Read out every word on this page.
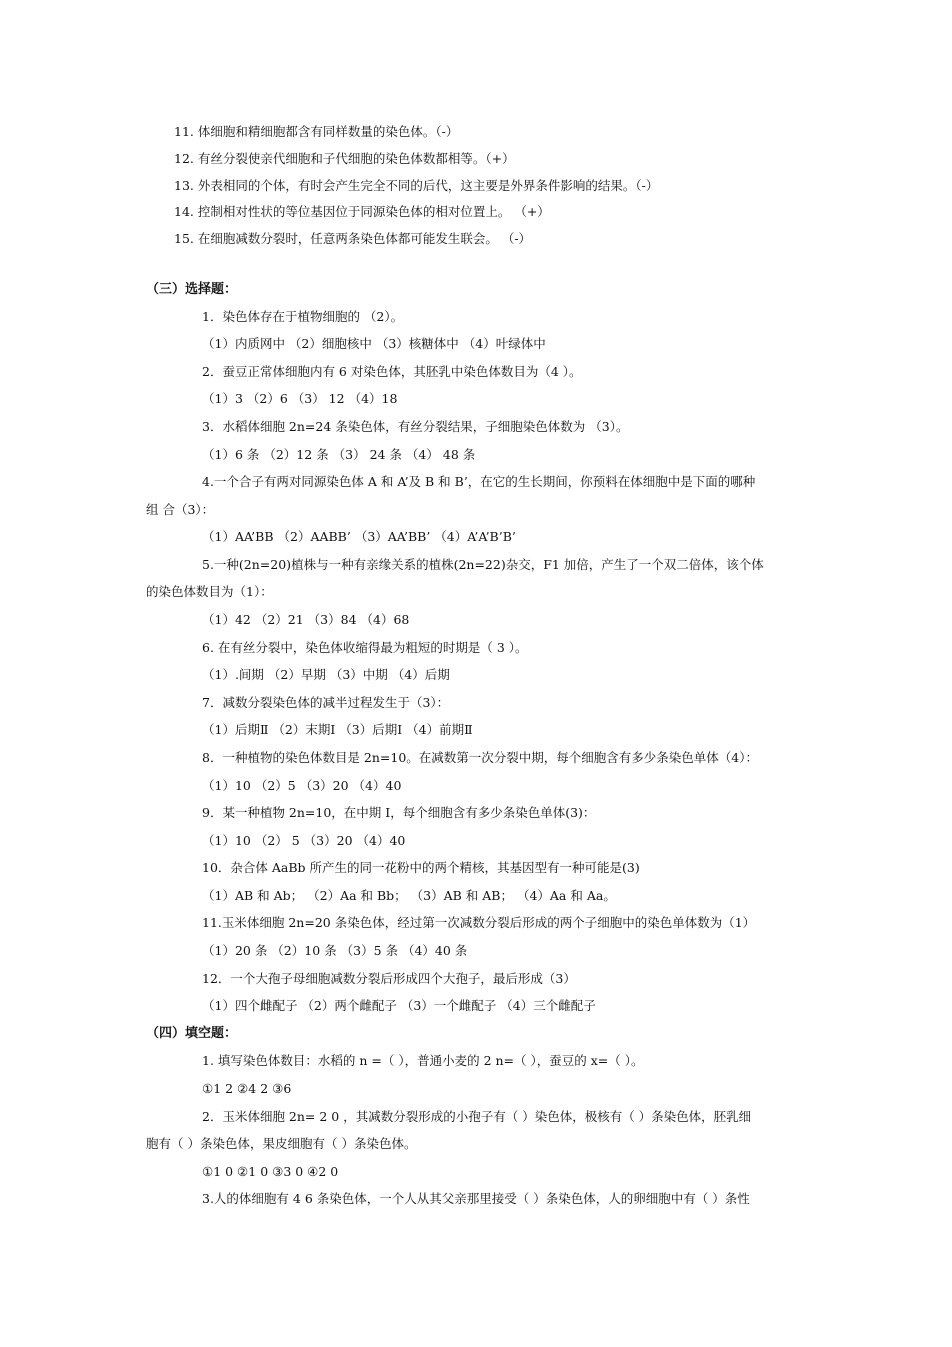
11. 体细胞和精细胞都含有同样数量的染色体。（-）
12. 有丝分裂使亲代细胞和子代细胞的染色体数都相等。（+）
13. 外表相同的个体，有时会产生完全不同的后代，这主要是外界条件影响的结果。（-）
14. 控制相对性状的等位基因位于同源染色体的相对位置上。 （+）
15. 在细胞减数分裂时，任意两条染色体都可能发生联会。 （-）
（三）选择题：
1．染色体存在于植物细胞的 （2）。
（1）内质网中 （2）细胞核中 （3）核糖体中 （4）叶绿体中
2．蚕豆正常体细胞内有 6 对染色体，其胚乳中染色体数目为（4 ）。
（1）3 （2）6 （3） 12 （4）18
3．水稻体细胞 2n=24 条染色体，有丝分裂结果，子细胞染色体数为 （3）。
（1）6 条 （2）12 条 （3） 24 条 （4） 48 条
4.一个合子有两对同源染色体 A 和 A’及 B 和 B’，在它的生长期间，你预料在体细胞中是下面的哪种
组 合（3）：
（1）AA’BB （2）AABB’ （3）AA’BB’ （4）A’A’B’B’
5.一种(2n=20)植株与一种有亲缘关系的植株(2n=22)杂交，F1 加倍，产生了一个双二倍体，该个体
的染色体数目为（1）：
（1）42 （2）21 （3）84 （4）68
6. 在有丝分裂中，染色体收缩得最为粗短的时期是（ 3 ）。
（1）.间期 （2）早期 （3）中期 （4）后期
7．减数分裂染色体的减半过程发生于（3）：
（1）后期Ⅱ （2）末期Ⅰ （3）后期Ⅰ （4）前期Ⅱ
8．一种植物的染色体数目是 2n=10。在减数第一次分裂中期，每个细胞含有多少条染色单体（4）：
（1）10 （2）5 （3）20 （4）40
9．某一种植物 2n=10，在中期 I，每个细胞含有多少条染色单体(3)：
（1）10 （2） 5 （3）20 （4）40
10．杂合体 AaBb 所产生的同一花粉中的两个精核，其基因型有一种可能是(3)
（1）AB 和 Ab； （2）Aa 和 Bb； （3）AB 和 AB； （4）Aa 和 Aa。
11.玉米体细胞 2n=20 条染色体，经过第一次减数分裂后形成的两个子细胞中的染色单体数为（1）
（1）20 条 （2）10 条 （3）5 条 （4）40 条
12．一个大孢子母细胞减数分裂后形成四个大孢子，最后形成（3）
（1）四个雌配子 （2）两个雌配子 （3）一个雌配子 （4）三个雌配子
（四）填空题：
1. 填写染色体数目：水稻的 n =（ ），普通小麦的 2 n=（ ），蚕豆的 x=（ ）。
①1 2 ②4 2 ③6
2．玉米体细胞 2n= 2 0 ，其减数分裂形成的小孢子有（ ）染色体，极核有（ ）条染色体，胚乳细
胞有（ ）条染色体，果皮细胞有（ ）条染色体。
①1 0 ②1 0 ③3 0 ④2 0
3.人的体细胞有 4 6 条染色体，一个人从其父亲那里接受（ ）条染色体，人的卵细胞中有（ ）条性
